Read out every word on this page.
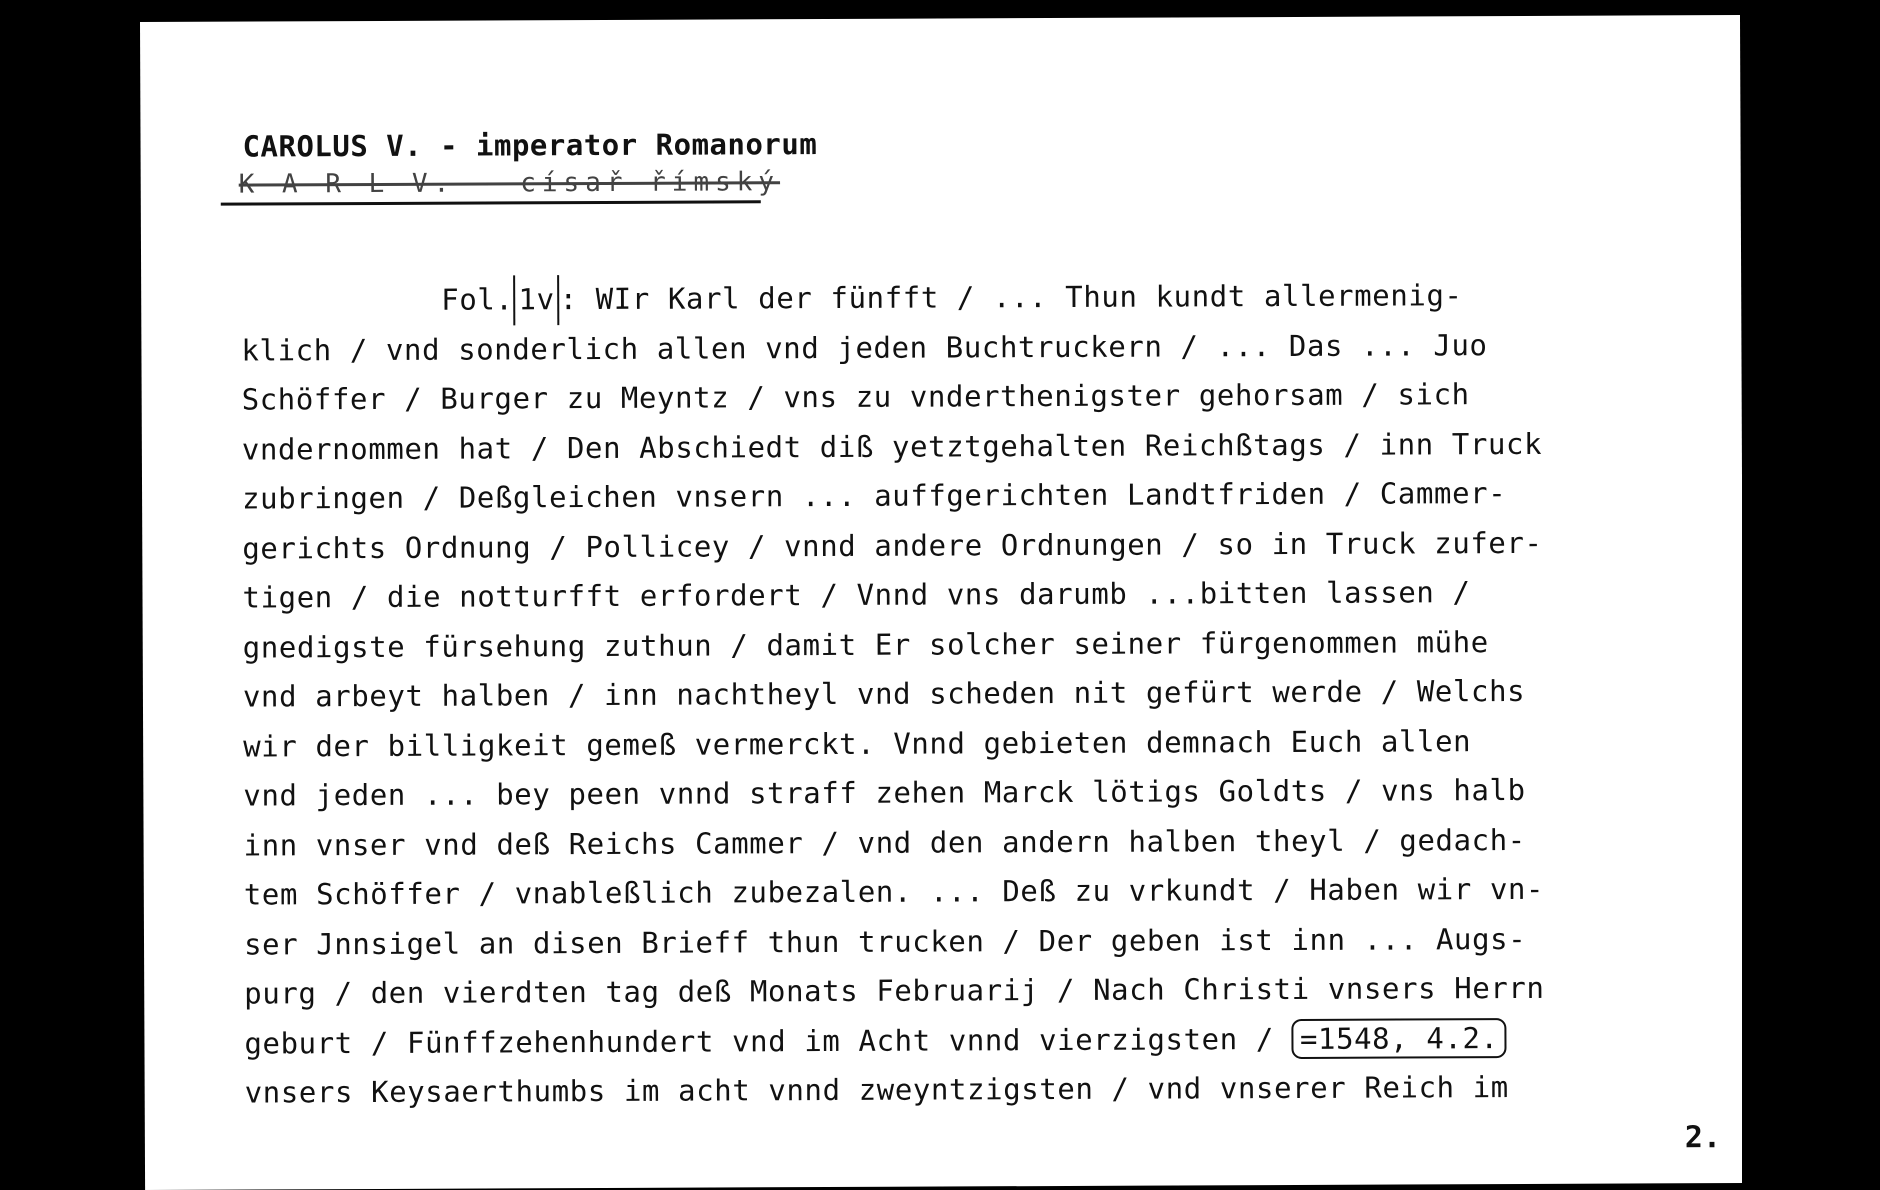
CAROLUS V. - imperator Romanorum
K A R L V. - císař římský
Fol. 1v : WIr Karl der fünfft / ... Thun kundt allermenig-
klich / vnd sonderlich allen vnd jeden Buchtruckern / ... Das ... Juo
Schöffer / Burger zu Meyntz / vns zu vnderthenigster gehorsam / sich
vndernommen hat / Den Abschiedt diß yetztgehalten Reichßtags / inn Truck
zubringen / Deßgleichen vnsern ... auffgerichten Landtfriden / Cammer-
gerichts Ordnung / Pollicey / vnnd andere Ordnungen / so in Truck zufer-
tigen / die notturfft erfordert / Vnnd vns darumb ...bitten lassen /
gnedigste fürsehung zuthun / damit Er solcher seiner fürgenommen mühe
vnd arbeyt halben / inn nachtheyl vnd scheden nit gefürt werde / Welchs
wir der billigkeit gemeß vermerckt. Vnnd gebieten demnach Euch allen
vnd jeden ... bey peen vnnd straff zehen Marck lötigs Goldts / vns halb
inn vnser vnd deß Reichs Cammer / vnd den andern halben theyl / gedach-
tem Schöffer / vnableßlich zubezalen. ... Deß zu vrkundt / Haben wir vn-
ser Jnnsigel an disen Brieff thun trucken / Der geben ist inn ... Augs-
purg / den vierdten tag deß Monats Februarij / Nach Christi vnsers Herrn
geburt / Fünffzehenhundert vnd im Acht vnnd vierzigsten / =1548, 4.2.
vnsers Keysaerthumbs im acht vnnd zweyntzigsten / vnd vnserer Reich im
2.
